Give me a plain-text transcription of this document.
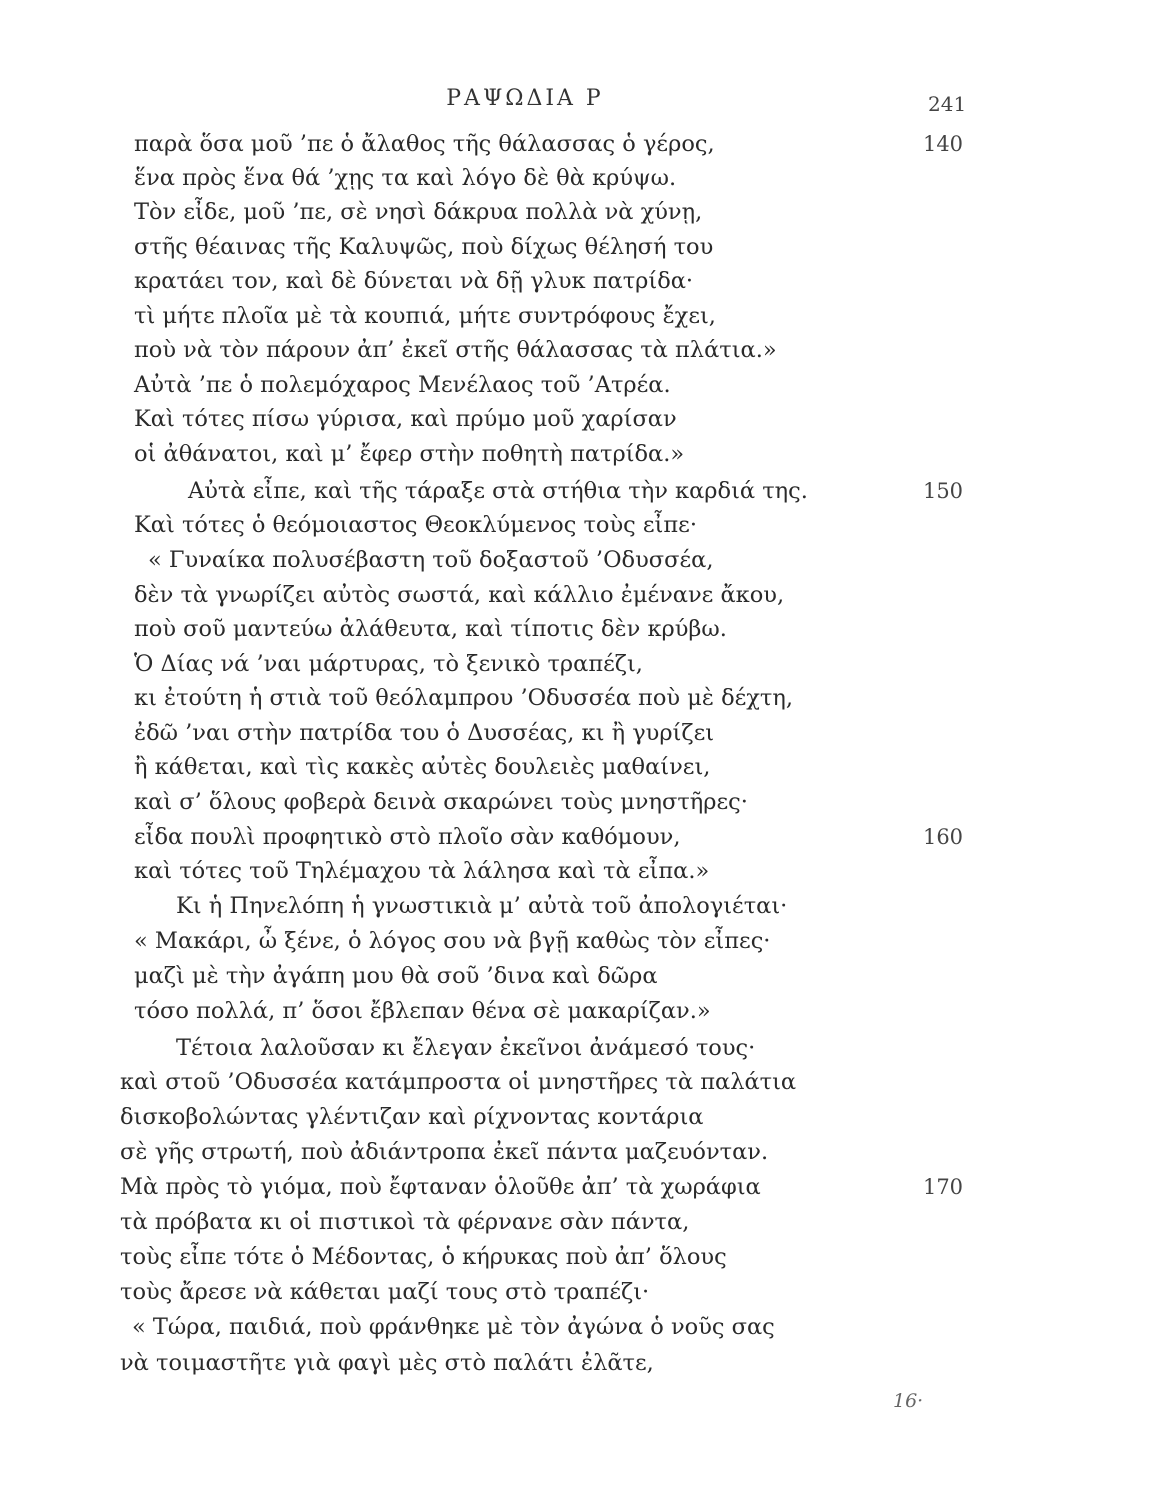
ΡΑΨΩΔΙΑ Ρ	241
παρὰ ὅσα μοῦ ’πε ὁ ἄλαθος τῆς θάλασσας ὁ γέρος,	140
ἕνα πρὸς ἕνα θά ’χῃς τα καὶ λόγο δὲ θὰ κρύψω.
Τὸν εἶδε, μοῦ ’πε, σὲ νησὶ δάκρυα πολλὰ νὰ χύνῃ,
στῆς θέαινας τῆς Καλυψῶς, ποὺ δίχως θέλησή του
κρατάει τον, καὶ δὲ δύνεται νὰ δῇ γλυκ πατρίδα·
τὶ μήτε πλοῖα μὲ τὰ κουπιά, μήτε συντρόφους ἔχει,
ποὺ νὰ τὸν πάρουν ἀπ’ ἐκεῖ στῆς θάλασσας τὰ πλάτια.»
Αὐτὰ ’πε ὁ πολεμόχαρος Μενέλαος τοῦ ’Ατρέα.
Καὶ τότες πίσω γύρισα, καὶ πρύμο μοῦ χαρίσαν
οἱ ἀθάνατοι, καὶ μ’ ἔφερ στὴν ποθητὴ πατρίδα.»
Αὐτὰ εἶπε, καὶ τῆς τάραξε στὰ στήθια τὴν καρδιά της.	150
Καὶ τότες ὁ θεόμοιαστος Θεοκλύμενος τοὺς εἶπε·
« Γυναίκα πολυσέβαστη τοῦ δοξαστοῦ ’Οδυσσέα,
δὲν τὰ γνωρίζει αὐτὸς σωστά, καὶ κάλλιο ἐμένανε ἄκου,
ποὺ σοῦ μαντεύω ἀλάθευτα, καὶ τίποτις δὲν κρύβω.
Ὁ Δίας νά ’ναι μάρτυρας, τὸ ξενικὸ τραπέζι,
κι ἐτούτη ἡ στιὰ τοῦ θεόλαμπρου ’Οδυσσέα ποὺ μὲ δέχτη,
ἐδῶ ’ναι στὴν πατρίδα του ὁ Δυσσέας, κι ἢ γυρίζει
ἢ κάθεται, καὶ τὶς κακὲς αὐτὲς δουλειὲς μαθαίνει,
καὶ σ’ ὅλους φοβερὰ δεινὰ σκαρώνει τοὺς μνηστῆρες·
εἶδα πουλὶ προφητικὸ στὸ πλοῖο σὰν καθόμουν,	160
καὶ τότες τοῦ Τηλέμαχου τὰ λάλησα καὶ τὰ εἶπα.»
Κι ἡ Πηνελόπη ἡ γνωστικιὰ μ’ αὐτὰ τοῦ ἀπολογιέται·
« Μακάρι, ὦ ξένε, ὁ λόγος σου νὰ βγῇ καθὼς τὸν εἶπες·
μαζὶ μὲ τὴν ἀγάπη μου θὰ σοῦ ’δινα καὶ δῶρα
τόσο πολλά, π’ ὅσοι ἔβλεπαν θένα σὲ μακαρίζαν.»
Τέτοια λαλοῦσαν κι ἔλεγαν ἐκεῖνοι ἀνάμεσό τους·
καὶ στοῦ ’Οδυσσέα κατάμπροστα οἱ μνηστῆρες τὰ παλάτια
δισκοβολώντας γλέντιζαν καὶ ρίχνοντας κοντάρια
σὲ γῆς στρωτή, ποὺ ἀδιάντροπα ἐκεῖ πάντα μαζευόνταν.
Μὰ πρὸς τὸ γιόμα, ποὺ ἔφταναν ὁλοῦθε ἀπ’ τὰ χωράφια	170
τὰ πρόβατα κι οἱ πιστικοὶ τὰ φέρνανε σὰν πάντα,
τοὺς εἶπε τότε ὁ Μέδοντας, ὁ κήρυκας ποὺ ἀπ’ ὅλους
τοὺς ἄρεσε νὰ κάθεται μαζί τους στὸ τραπέζι·
« Τώρα, παιδιά, ποὺ φράνθηκε μὲ τὸν ἀγώνα ὁ νοῦς σας
νὰ τοιμαστῆτε γιὰ φαγὶ μὲς στὸ παλάτι ἐλᾶτε,
16·
